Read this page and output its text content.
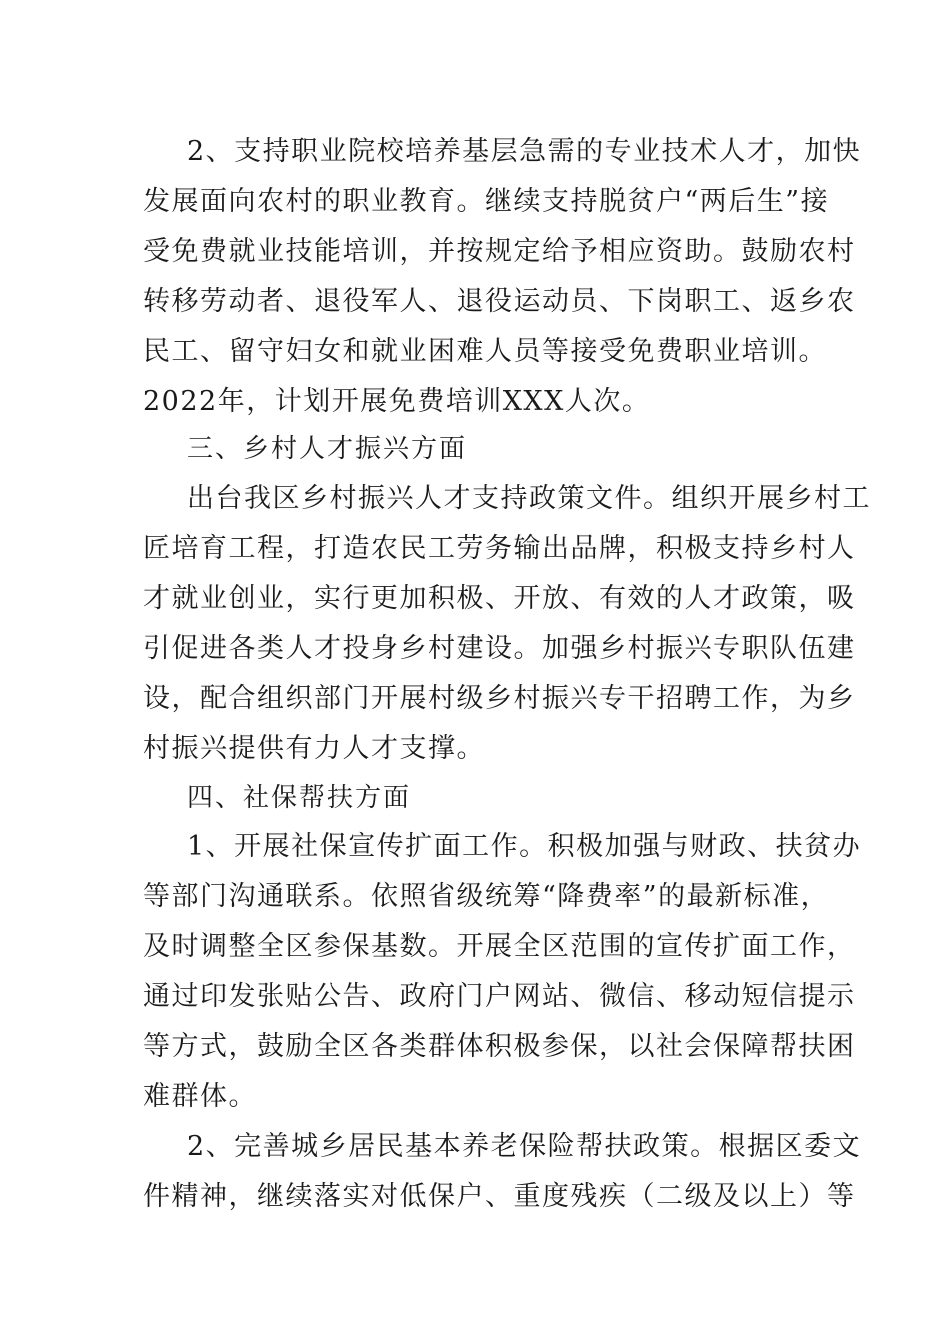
2、支持职业院校培养基层急需的专业技术人才，加快
发展面向农村的职业教育。继续支持脱贫户“两后生”接
受免费就业技能培训，并按规定给予相应资助。鼓励农村
转移劳动者、退役军人、退役运动员、下岗职工、返乡农
民工、留守妇女和就业困难人员等接受免费职业培训。
2022年，计划开展免费培训XXX人次。
三、乡村人才振兴方面
出台我区乡村振兴人才支持政策文件。组织开展乡村工
匠培育工程，打造农民工劳务输出品牌，积极支持乡村人
才就业创业，实行更加积极、开放、有效的人才政策，吸
引促进各类人才投身乡村建设。加强乡村振兴专职队伍建
设，配合组织部门开展村级乡村振兴专干招聘工作，为乡
村振兴提供有力人才支撑。
四、社保帮扶方面
1、开展社保宣传扩面工作。积极加强与财政、扶贫办
等部门沟通联系。依照省级统筹“降费率”的最新标准，
及时调整全区参保基数。开展全区范围的宣传扩面工作，
通过印发张贴公告、政府门户网站、微信、移动短信提示
等方式，鼓励全区各类群体积极参保，以社会保障帮扶困
难群体。
2、完善城乡居民基本养老保险帮扶政策。根据区委文
件精神，继续落实对低保户、重度残疾（二级及以上）等
